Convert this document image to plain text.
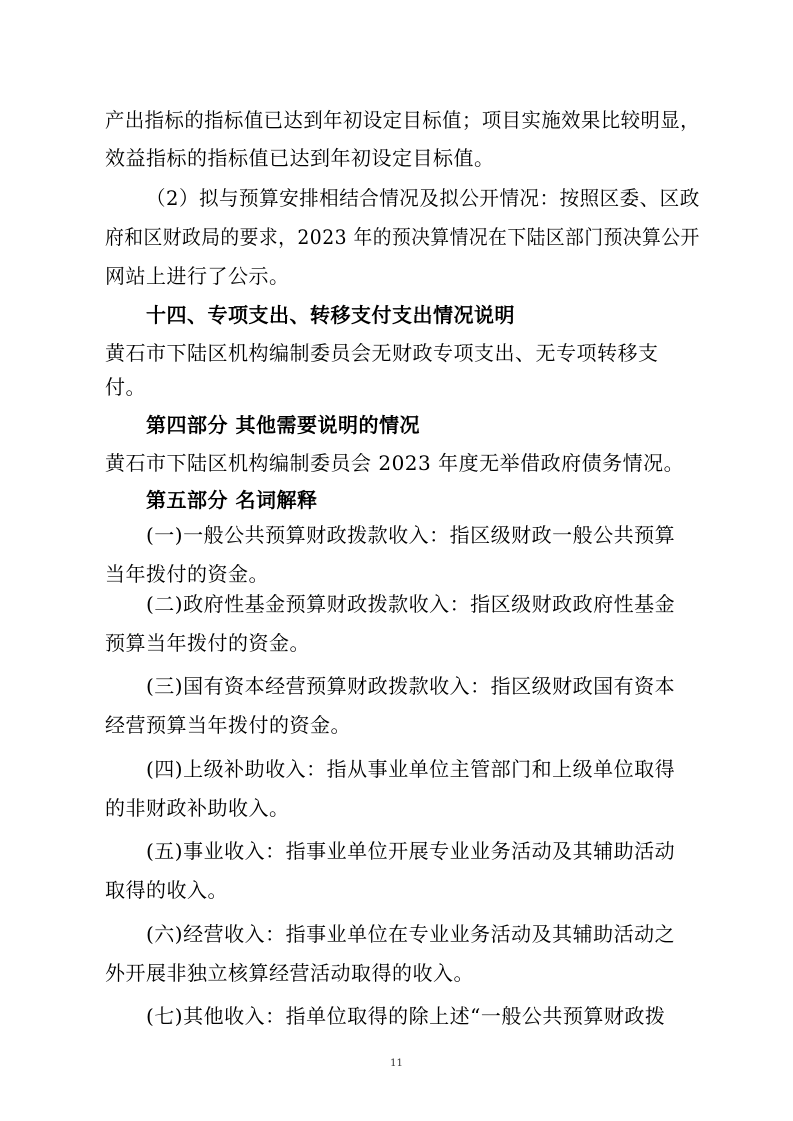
产出指标的指标值已达到年初设定目标值；项目实施效果比较明显，
效益指标的指标值已达到年初设定目标值。
（2）拟与预算安排相结合情况及拟公开情况：按照区委、区政
府和区财政局的要求，2023 年的预决算情况在下陆区部门预决算公开
网站上进行了公示。
十四、专项支出、转移支付支出情况说明
黄石市下陆区机构编制委员会无财政专项支出、无专项转移支
付。
第四部分 其他需要说明的情况
黄石市下陆区机构编制委员会 2023 年度无举借政府债务情况。
第五部分 名词解释
(一)一般公共预算财政拨款收入：指区级财政一般公共预算
当年拨付的资金。
(二)政府性基金预算财政拨款收入：指区级财政政府性基金
预算当年拨付的资金。
(三)国有资本经营预算财政拨款收入：指区级财政国有资本
经营预算当年拨付的资金。
(四)上级补助收入：指从事业单位主管部门和上级单位取得
的非财政补助收入。
(五)事业收入：指事业单位开展专业业务活动及其辅助活动
取得的收入。
(六)经营收入：指事业单位在专业业务活动及其辅助活动之
外开展非独立核算经营活动取得的收入。
(七)其他收入：指单位取得的除上述“一般公共预算财政拨
11
